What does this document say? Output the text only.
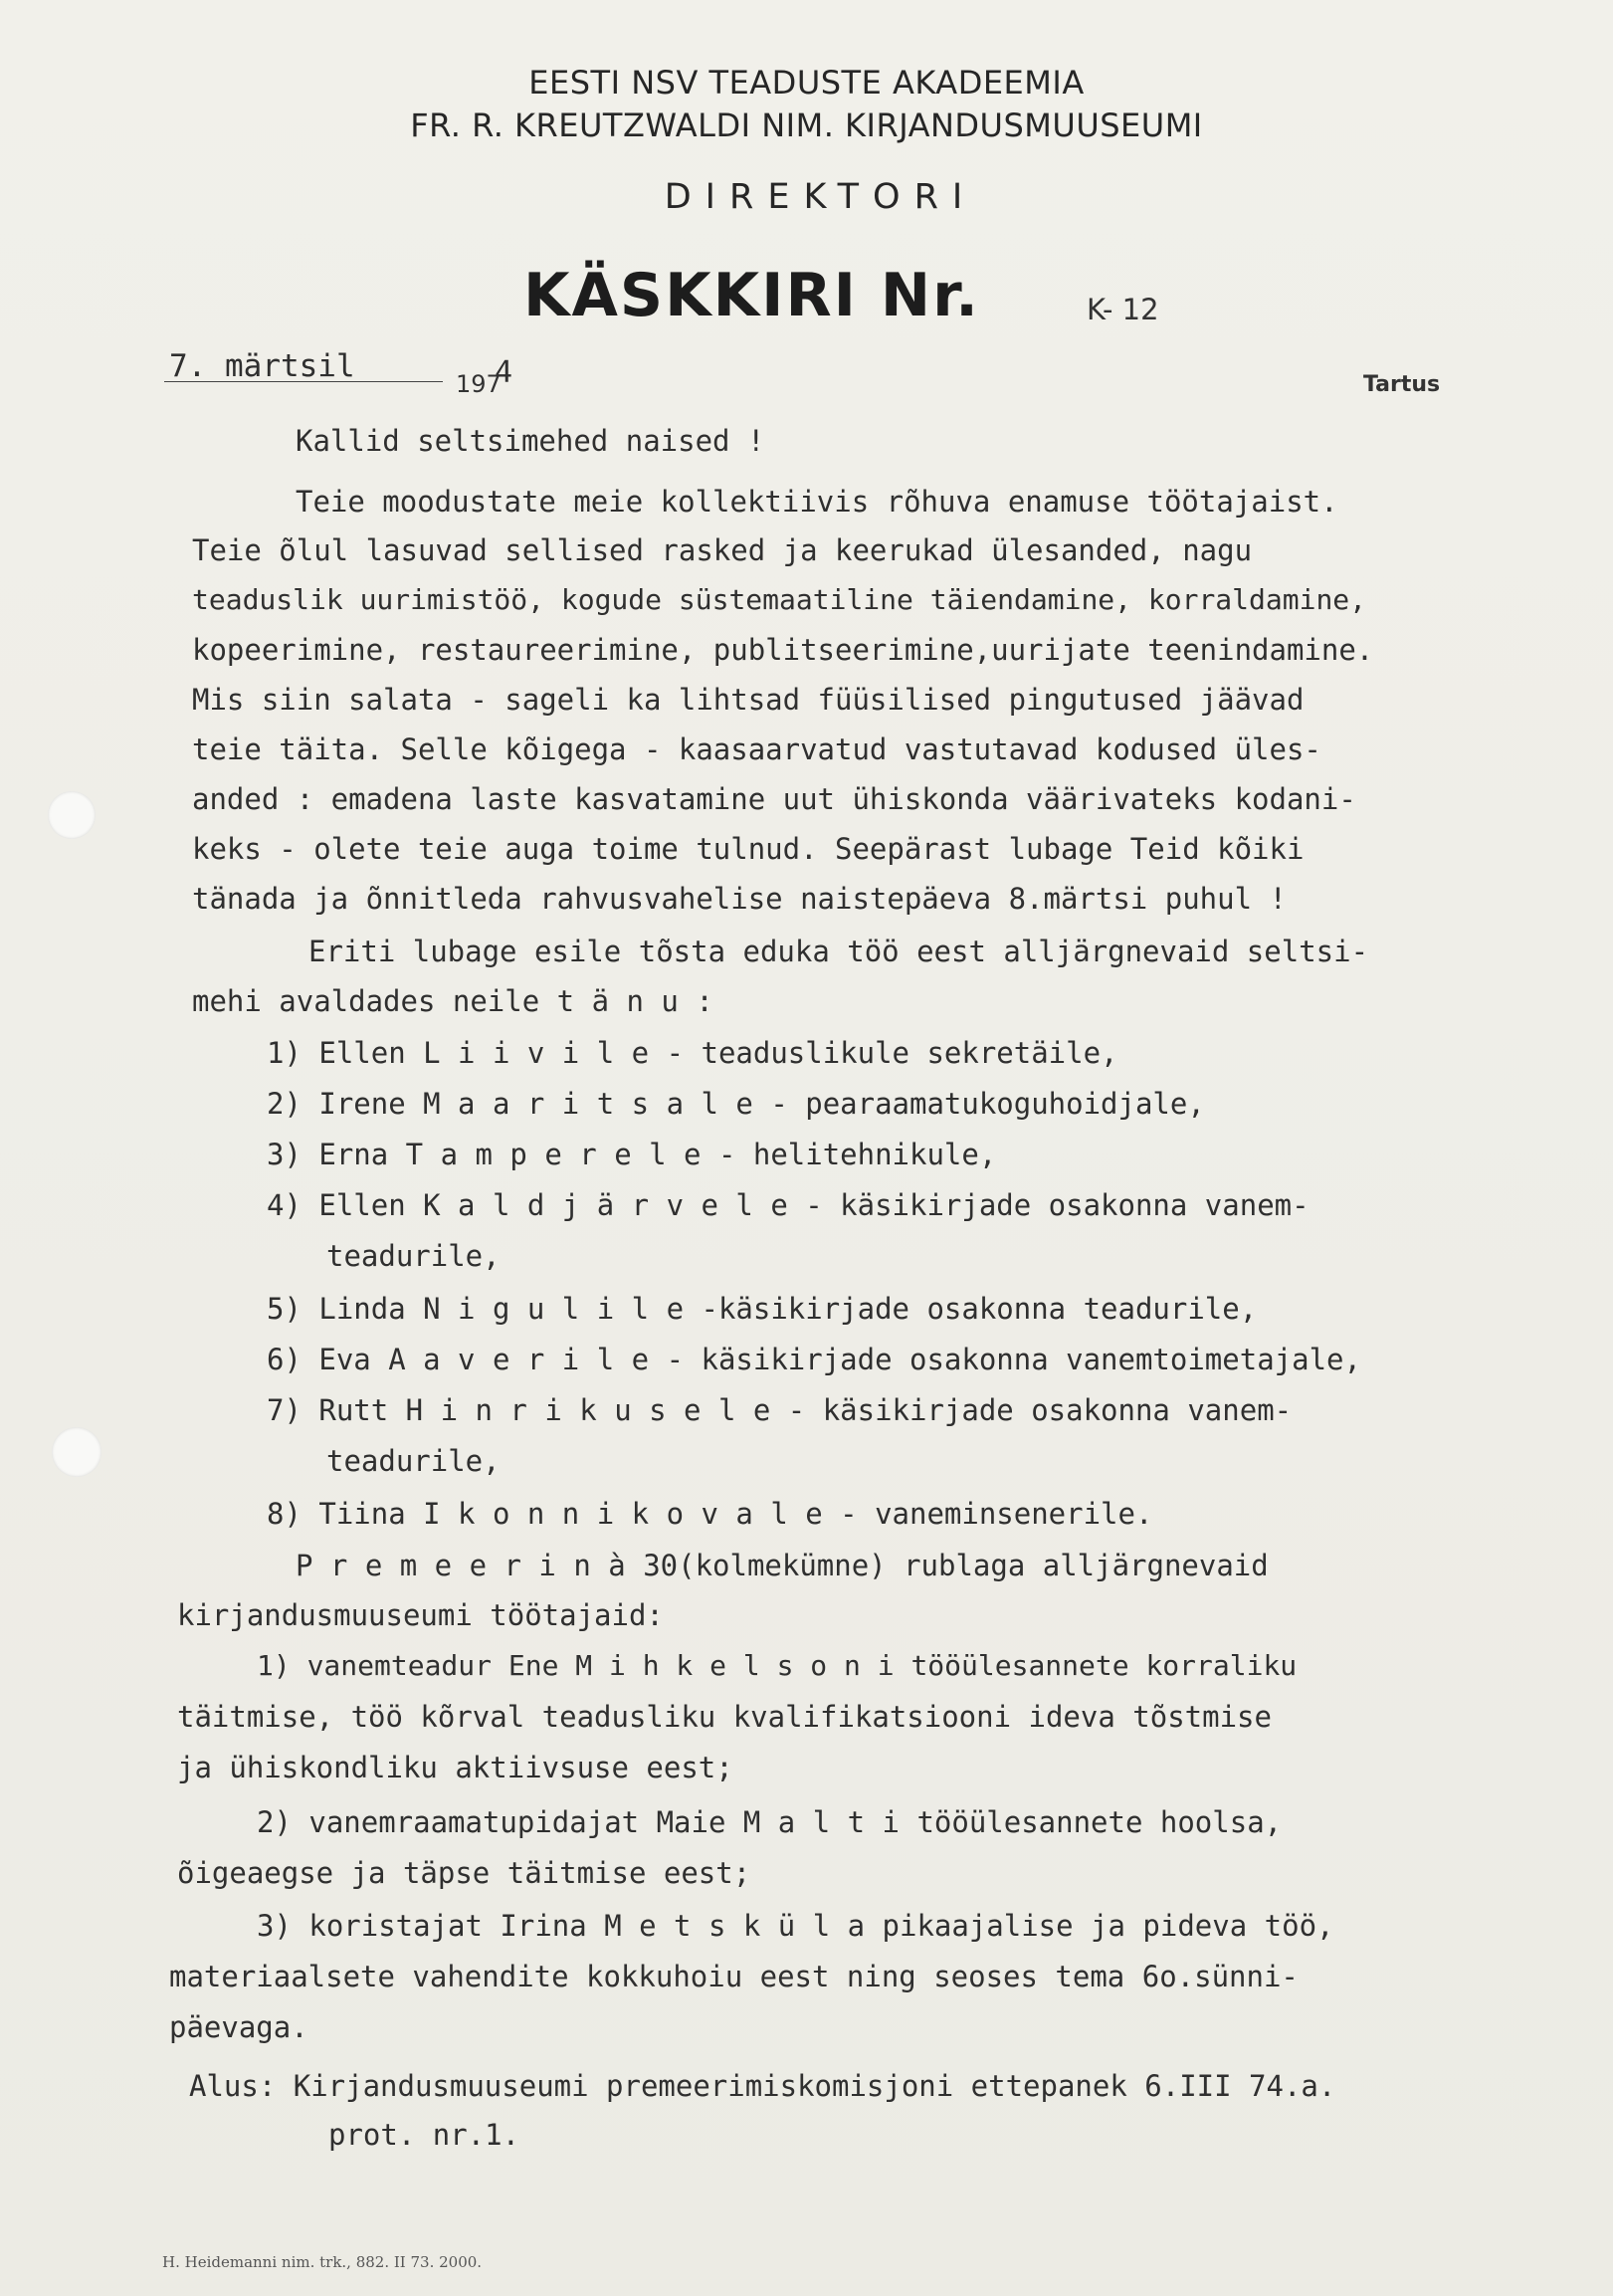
EESTI NSV TEADUSTE AKADEEMIA
FR. R. KREUTZWALDI NIM. KIRJANDUSMUUSEUMI
DIREKTORI
KÄSKKIRI Nr.	K- 12
7. märtsil	197
4	Tartus
Kallid seltsimehed naised !
Teie moodustate meie kollektiivis rõhuva enamuse töötajaist.
Teie õlul lasuvad sellised rasked ja keerukad ülesanded, nagu
teaduslik uurimistöö, kogude süstemaatiline täiendamine, korraldamine,
kopeerimine, restaureerimine, publitseerimine,uurijate teenindamine.
Mis siin salata - sageli ka lihtsad füüsilised pingutused jäävad
teie täita. Selle kõigega - kaasaarvatud vastutavad kodused üles-
anded : emadena laste kasvatamine uut ühiskonda väärivateks kodani-
keks - olete teie auga toime tulnud. Seepärast lubage Teid kõiki
tänada ja õnnitleda rahvusvahelise naistepäeva 8.märtsi puhul !
Eriti lubage esile tõsta eduka töö eest alljärgnevaid seltsi-
mehi avaldades neile t ä n u :
1) Ellen L i i v i l e - teaduslikule sekretäile,
2) Irene M a a r i t s a l e - pearaamatukoguhoidjale,
3) Erna T a m p e r e l e - helitehnikule,
4) Ellen K a l d j ä r v e l e - käsikirjade osakonna vanem-
teadurile,
5) Linda N i g u l i l e -käsikirjade osakonna teadurile,
6) Eva A a v e r i l e - käsikirjade osakonna vanemtoimetajale,
7) Rutt H i n r i k u s e l e - käsikirjade osakonna vanem-
teadurile,
8) Tiina I k o n n i k o v a l e - vaneminsenerile.
P r e m e e r i n à 30(kolmekümne) rublaga alljärgnevaid
kirjandusmuuseumi töötajaid:
1) vanemteadur Ene M i h k e l s o n i tööülesannete korraliku
täitmise, töö kõrval teadusliku kvalifikatsiooni ideva tõstmise
ja ühiskondliku aktiivsuse eest;
2) vanemraamatupidajat Maie M a l t i tööülesannete hoolsa,
õigeaegse ja täpse täitmise eest;
3) koristajat Irina M e t s k ü l a pikaajalise ja pideva töö,
materiaalsete vahendite kokkuhoiu eest ning seoses tema 6o.sünni-
päevaga.
Alus: Kirjandusmuuseumi premeerimiskomisjoni ettepanek 6.III 74.a.
prot. nr.1.
H. Heidemanni nim. trk., 882. II 73. 2000.
